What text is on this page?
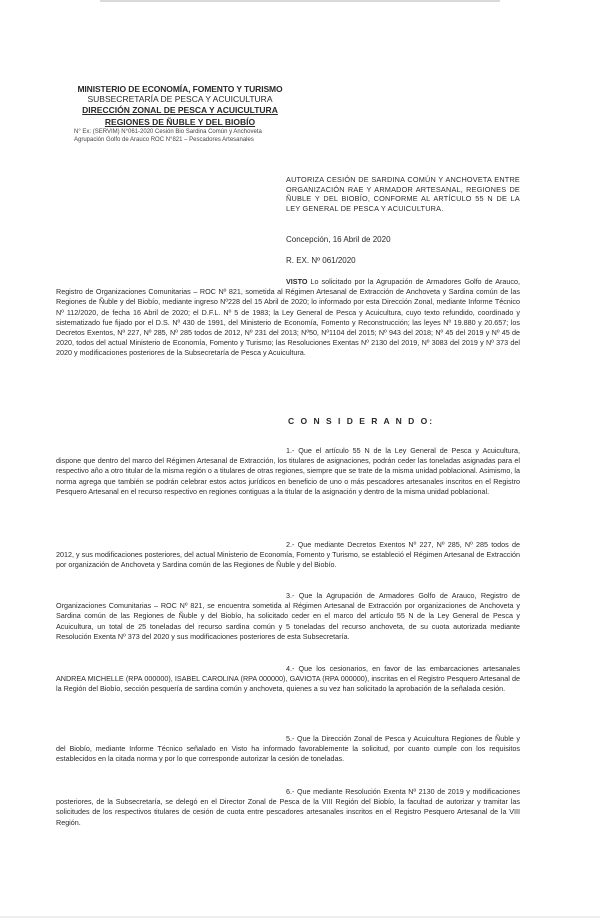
MINISTERIO DE ECONOMÍA, FOMENTO Y TURISMO
SUBSECRETARÍA DE PESCA Y ACUICULTURA
DIRECCIÓN ZONAL DE PESCA Y ACUICULTURA
REGIONES DE ÑUBLE Y DEL BIOBÍO
N° Ex: (SERVIM) N°061-2020 Cesión Bio Sardina Común y Anchoveta
Agrupación Golfo de Arauco ROC N°821 – Pescadores Artesanales
AUTORIZA CESIÓN DE SARDINA COMÚN Y ANCHOVETA ENTRE ORGANIZACIÓN RAE Y ARMADOR ARTESANAL, REGIONES DE ÑUBLE Y DEL BIOBÍO, CONFORME AL ARTÍCULO 55 N DE LA LEY GENERAL DE PESCA Y ACUICULTURA.
Concepción, 16 Abril de 2020
R. EX. Nº 061/2020
VISTO Lo solicitado por la Agrupación de Armadores Golfo de Arauco, Registro de Organizaciones Comunitarias – ROC Nº 821, sometida al Régimen Artesanal de Extracción de Anchoveta y Sardina común de las Regiones de Ñuble y del Biobío, mediante ingreso Nº228 del 15 Abril de 2020; lo informado por esta Dirección Zonal, mediante Informe Técnico Nº 112/2020, de fecha 16 Abril de 2020; el D.F.L. Nº 5 de 1983; la Ley General de Pesca y Acuicultura, cuyo texto refundido, coordinado y sistematizado fue fijado por el D.S. Nº 430 de 1991, del Ministerio de Economía, Fomento y Reconstrucción; las leyes Nº 19.880 y 20.657; los Decretos Exentos, Nº 227, Nº 285, Nº 285 todos de 2012, Nº 231 del 2013; Nº50, Nº1104 del 2015; Nº 943 del 2018; Nº 45 del 2019 y Nº 45 de 2020, todos del actual Ministerio de Economía, Fomento y Turismo; las Resoluciones Exentas Nº 2130 del 2019, Nº 3083 del 2019 y Nº 373 del 2020 y modificaciones posteriores de la Subsecretaría de Pesca y Acuicultura.
C O N S I D E R A N D O:
1.- Que el artículo 55 N de la Ley General de Pesca y Acuicultura, dispone que dentro del marco del Régimen Artesanal de Extracción, los titulares de asignaciones, podrán ceder las toneladas asignadas para el respectivo año a otro titular de la misma región o a titulares de otras regiones, siempre que se trate de la misma unidad poblacional. Asimismo, la norma agrega que también se podrán celebrar estos actos jurídicos en beneficio de uno o más pescadores artesanales inscritos en el Registro Pesquero Artesanal en el recurso respectivo en regiones contiguas a la titular de la asignación y dentro de la misma unidad poblacional.
2.- Que mediante Decretos Exentos Nº 227, Nº 285, Nº 285 todos de 2012, y sus modificaciones posteriores, del actual Ministerio de Economía, Fomento y Turismo, se estableció el Régimen Artesanal de Extracción por organización de Anchoveta y Sardina común de las Regiones de Ñuble y del Biobío.
3.- Que la Agrupación de Armadores Golfo de Arauco, Registro de Organizaciones Comunitarias – ROC Nº 821, se encuentra sometida al Régimen Artesanal de Extracción por organizaciones de Anchoveta y Sardina común de las Regiones de Ñuble y del Biobío, ha solicitado ceder en el marco del artículo 55 N de la Ley General de Pesca y Acuicultura, un total de 25 toneladas del recurso sardina común y 5 toneladas del recurso anchoveta, de su cuota autorizada mediante Resolución Exenta Nº 373 del 2020 y sus modificaciones posteriores de esta Subsecretaría.
4.- Que los cesionarios, en favor de las embarcaciones artesanales ANDREA MICHELLE (RPA 000000), ISABEL CAROLINA (RPA 000000), GAVIOTA (RPA 000000), inscritas en el Registro Pesquero Artesanal de la Región del Biobío, sección pesquería de sardina común y anchoveta, quienes a su vez han solicitado la aprobación de la señalada cesión.
5.- Que la Dirección Zonal de Pesca y Acuicultura Regiones de Ñuble y del Biobío, mediante Informe Técnico señalado en Visto ha informado favorablemente la solicitud, por cuanto cumple con los requisitos establecidos en la citada norma y por lo que corresponde autorizar la cesión de toneladas.
6.- Que mediante Resolución Exenta Nº 2130 de 2019 y modificaciones posteriores, de la Subsecretaría, se delegó en el Director Zonal de Pesca de la VIII Región del Biobío, la facultad de autorizar y tramitar las solicitudes de los respectivos titulares de cesión de cuota entre pescadores artesanales inscritos en el Registro Pesquero Artesanal de la VIII Región.
